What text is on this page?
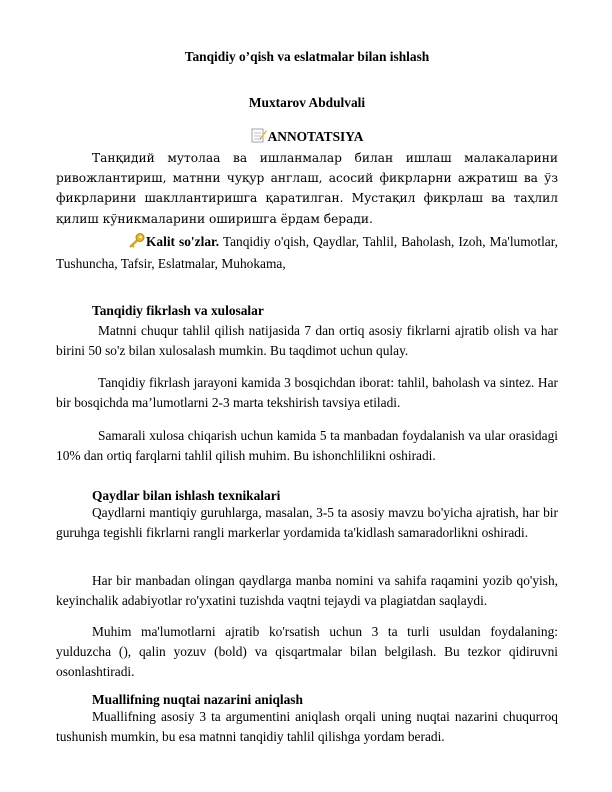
Tanqidiy o’qish va eslatmalar bilan ishlash
Muxtarov Abdulvali
ANNOTATSIYA
Танқидий мутолаа ва ишланмалар билан ишлаш малакаларини ривожлантириш, матнни чуқур англаш, асосий фикрларни ажратиш ва ўз фикрларини шакллантиришга қаратилган. Мустақил фикрлаш ва таҳлил қилиш кўникмаларини оширишга ёрдам беради.
Kalit so'zlar. Tanqidiy o'qish, Qaydlar, Tahlil, Baholash, Izoh, Ma'lumotlar, Tushuncha, Tafsir, Eslatmalar, Muhokama,
Tanqidiy fikrlash va xulosalar
Matnni chuqur tahlil qilish natijasida 7 dan ortiq asosiy fikrlarni ajratib olish va har birini 50 so'z bilan xulosalash mumkin. Bu taqdimot uchun qulay.
Tanqidiy fikrlash jarayoni kamida 3 bosqichdan iborat: tahlil, baholash va sintez. Har bir bosqichda ma’lumotlarni 2-3 marta tekshirish tavsiya etiladi.
Samarali xulosa chiqarish uchun kamida 5 ta manbadan foydalanish va ular orasidagi 10% dan ortiq farqlarni tahlil qilish muhim. Bu ishonchlilikni oshiradi.
Qaydlar bilan ishlash texnikalari
Qaydlarni mantiqiy guruhlarga, masalan, 3-5 ta asosiy mavzu bo'yicha ajratish, har bir guruhga tegishli fikrlarni rangli markerlar yordamida ta'kidlash samaradorlikni oshiradi.
Har bir manbadan olingan qaydlarga manba nomini va sahifa raqamini yozib qo'yish, keyinchalik adabiyotlar ro'yxatini tuzishda vaqtni tejaydi va plagiatdan saqlaydi.
Muhim ma'lumotlarni ajratib ko'rsatish uchun 3 ta turli usuldan foydalaning: yulduzcha (), qalin yozuv (bold) va qisqartmalar bilan belgilash. Bu tezkor qidiruvni osonlashtiradi.
Muallifning nuqtai nazarini aniqlash
Muallifning asosiy 3 ta argumentini aniqlash orqali uning nuqtai nazarini chuqurroq tushunish mumkin, bu esa matnni tanqidiy tahlil qilishga yordam beradi.
